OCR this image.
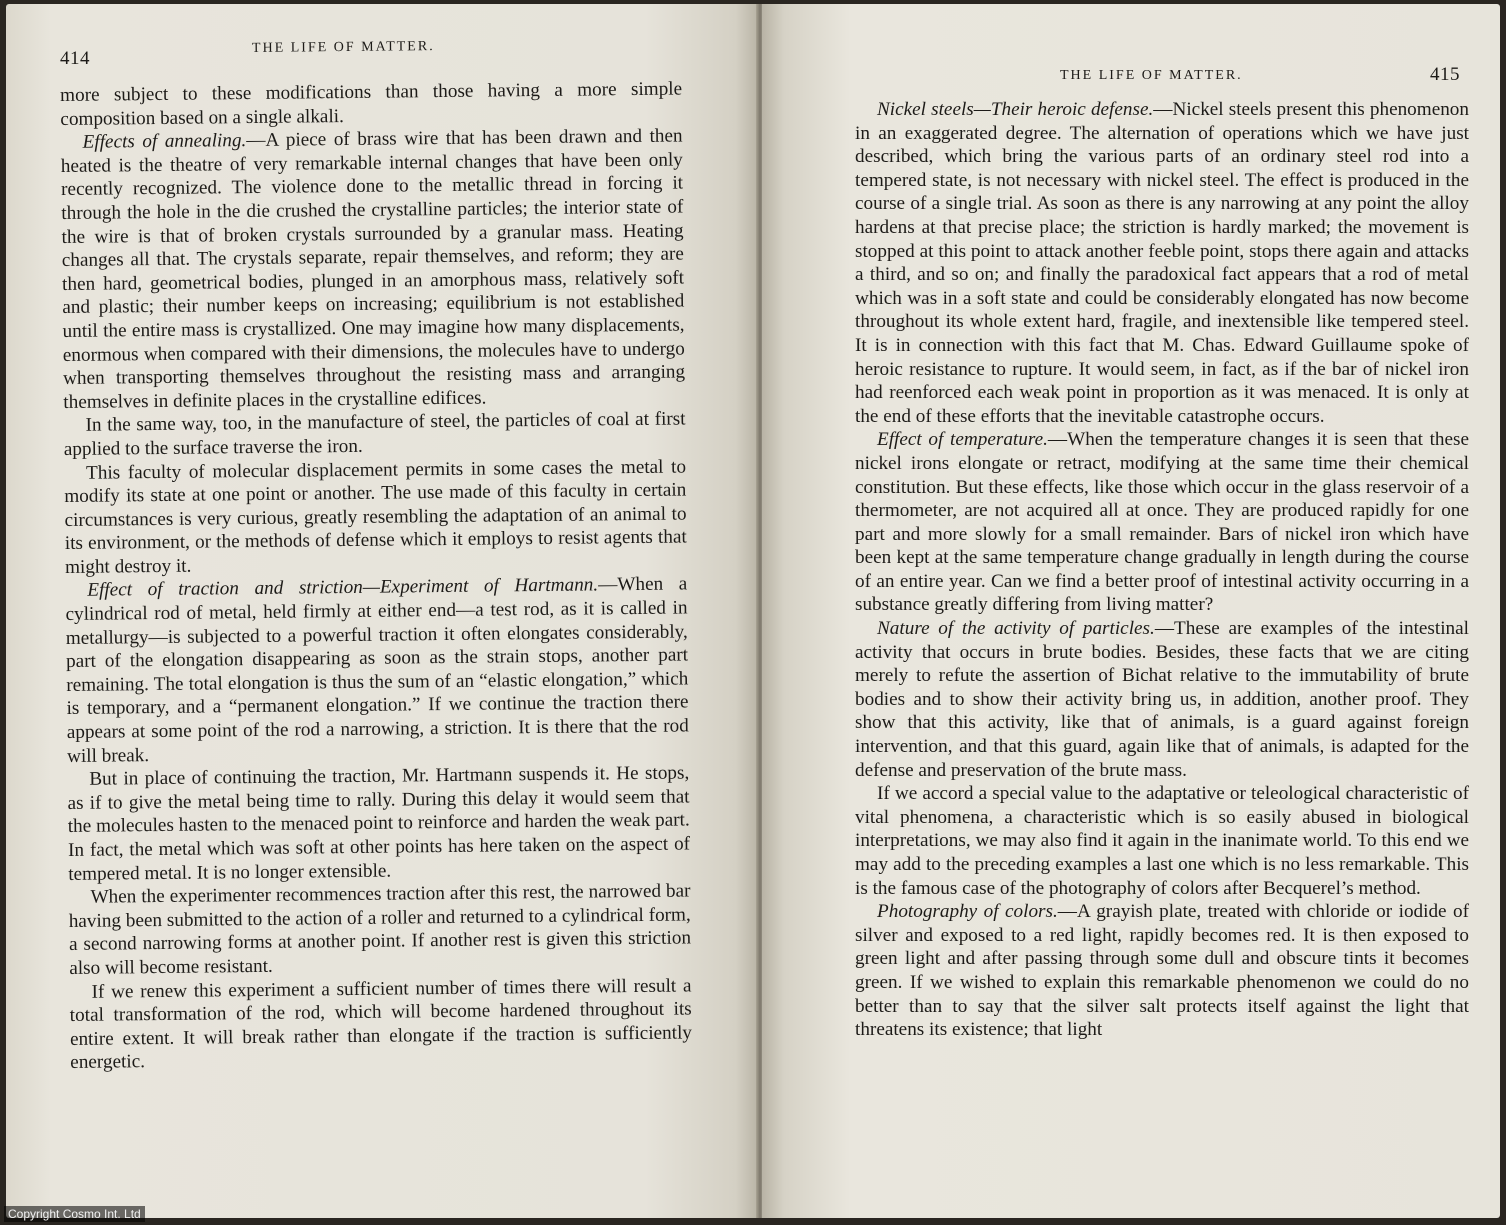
414
THE LIFE OF MATTER.

more subject to these modifications than those having a more simple composition based on a single alkali.

Effects of annealing.—A piece of brass wire that has been drawn and then heated is the theatre of very remarkable internal changes that have been only recently recognized. The violence done to the metallic thread in forcing it through the hole in the die crushed the crystalline particles; the interior state of the wire is that of broken crystals surrounded by a granular mass. Heating changes all that. The crystals separate, repair themselves, and reform; they are then hard, geometrical bodies, plunged in an amorphous mass, relatively soft and plastic; their number keeps on increasing; equilibrium is not established until the entire mass is crystallized. One may imagine how many displacements, enormous when compared with their dimensions, the molecules have to undergo when transporting themselves throughout the resisting mass and arranging themselves in definite places in the crystalline edifices.

In the same way, too, in the manufacture of steel, the particles of coal at first applied to the surface traverse the iron.

This faculty of molecular displacement permits in some cases the metal to modify its state at one point or another. The use made of this faculty in certain circumstances is very curious, greatly resembling the adaptation of an animal to its environment, or the methods of defense which it employs to resist agents that might destroy it.

Effect of traction and striction—Experiment of Hartmann.—When a cylindrical rod of metal, held firmly at either end—a test rod, as it is called in metallurgy—is subjected to a powerful traction it often elongates considerably, part of the elongation disappearing as soon as the strain stops, another part remaining. The total elongation is thus the sum of an “elastic elongation,” which is temporary, and a “permanent elongation.” If we continue the traction there appears at some point of the rod a narrowing, a striction. It is there that the rod will break.

But in place of continuing the traction, Mr. Hartmann suspends it. He stops, as if to give the metal being time to rally. During this delay it would seem that the molecules hasten to the menaced point to reinforce and harden the weak part. In fact, the metal which was soft at other points has here taken on the aspect of tempered metal. It is no longer extensible.

When the experimenter recommences traction after this rest, the narrowed bar having been submitted to the action of a roller and returned to a cylindrical form, a second narrowing forms at another point. If another rest is given this striction also will become resistant.

If we renew this experiment a sufficient number of times there will result a total transformation of the rod, which will become hardened throughout its entire extent. It will break rather than elongate if the traction is sufficiently energetic.

THE LIFE OF MATTER.	415

Nickel steels—Their heroic defense.—Nickel steels present this phenomenon in an exaggerated degree. The alternation of operations which we have just described, which bring the various parts of an ordinary steel rod into a tempered state, is not necessary with nickel steel. The effect is produced in the course of a single trial. As soon as there is any narrowing at any point the alloy hardens at that precise place; the striction is hardly marked; the movement is stopped at this point to attack another feeble point, stops there again and attacks a third, and so on; and finally the paradoxical fact appears that a rod of metal which was in a soft state and could be considerably elongated has now become throughout its whole extent hard, fragile, and inextensible like tempered steel. It is in connection with this fact that M. Chas. Edward Guillaume spoke of heroic resistance to rupture. It would seem, in fact, as if the bar of nickel iron had reenforced each weak point in proportion as it was menaced. It is only at the end of these efforts that the inevitable catastrophe occurs.

Effect of temperature.—When the temperature changes it is seen that these nickel irons elongate or retract, modifying at the same time their chemical constitution. But these effects, like those which occur in the glass reservoir of a thermometer, are not acquired all at once. They are produced rapidly for one part and more slowly for a small remainder. Bars of nickel iron which have been kept at the same temperature change gradually in length during the course of an entire year. Can we find a better proof of intestinal activity occurring in a substance greatly differing from living matter?

Nature of the activity of particles.—These are examples of the intestinal activity that occurs in brute bodies. Besides, these facts that we are citing merely to refute the assertion of Bichat relative to the immutability of brute bodies and to show their activity bring us, in addition, another proof. They show that this activity, like that of animals, is a guard against foreign intervention, and that this guard, again like that of animals, is adapted for the defense and preservation of the brute mass.

If we accord a special value to the adaptative or teleological characteristic of vital phenomena, a characteristic which is so easily abused in biological interpretations, we may also find it again in the inanimate world. To this end we may add to the preceding examples a last one which is no less remarkable. This is the famous case of the photography of colors after Becquerel’s method.

Photography of colors.—A grayish plate, treated with chloride or iodide of silver and exposed to a red light, rapidly becomes red. It is then exposed to green light and after passing through some dull and obscure tints it becomes green. If we wished to explain this remarkable phenomenon we could do no better than to say that the silver salt protects itself against the light that threatens its existence; that light

Copyright Cosmo Int. Ltd
